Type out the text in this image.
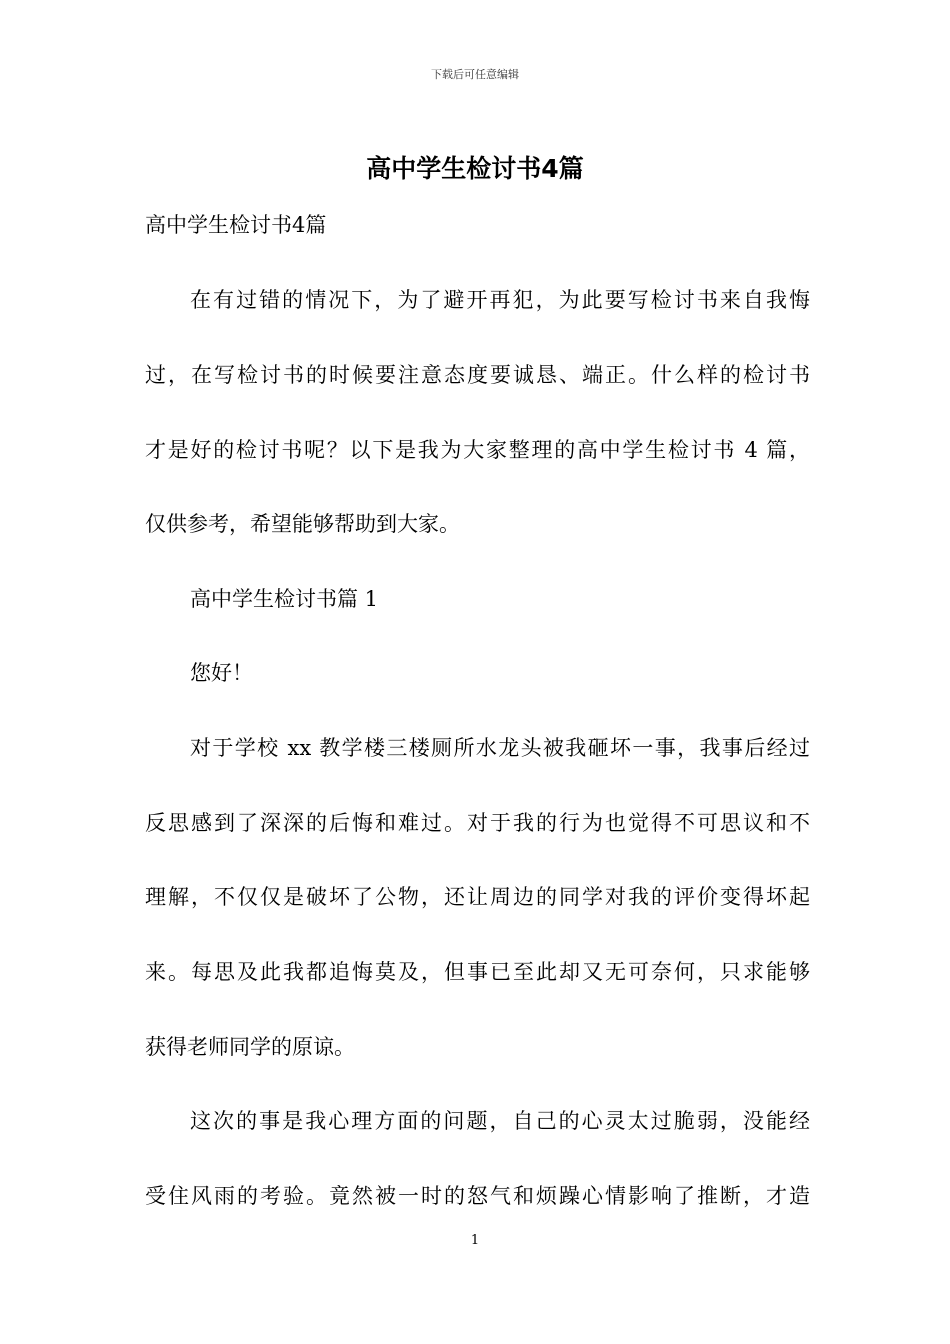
下载后可任意编辑
高中学生检讨书4篇
高中学生检讨书4篇
在有过错的情况下，为了避开再犯，为此要写检讨书来自我悔
过，在写检讨书的时候要注意态度要诚恳、端正。什么样的检讨书
才是好的检讨书呢？以下是我为大家整理的高中学生检讨书 4 篇，
仅供参考，希望能够帮助到大家。
高中学生检讨书篇 1
您好！
对于学校 xx 教学楼三楼厕所水龙头被我砸坏一事，我事后经过
反思感到了深深的后悔和难过。对于我的行为也觉得不可思议和不
理解，不仅仅是破坏了公物，还让周边的同学对我的评价变得坏起
来。每思及此我都追悔莫及，但事已至此却又无可奈何，只求能够
获得老师同学的原谅。
这次的事是我心理方面的问题，自己的心灵太过脆弱，没能经
受住风雨的考验。竟然被一时的怒气和烦躁心情影响了推断，才造
1
